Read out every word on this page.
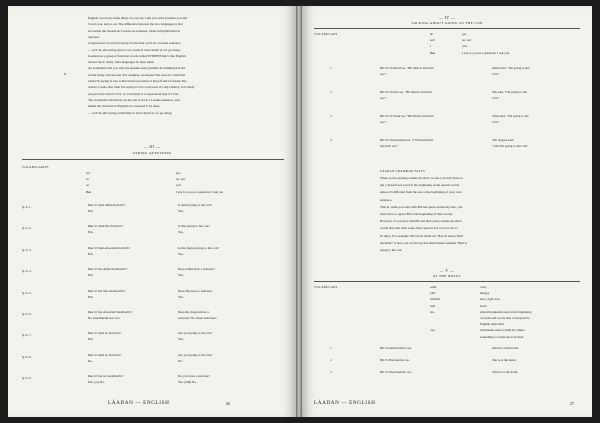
English can do the same thing; we can say I ask you and I promise you and
I warn you, and so on. The difference between the two languages is that
in Láadan the Speech Act words are required, while in English they're
optional.
A Speech Act word will always be the first word in a Láadan sentence.
— we'll be discussing speech act words in more detail as we go along.
Láadan has a group of function words called EVIDENTIALS that English
doesn't have; many other languages do have them.
An evidential tells you why the speaker feels justified in claiming that the
words being said are true. For example, we means The reason I claim that
what I'm saying is true is that I have perceived it myself and wi means The
reason I claim that what I'm saying is true is because it's self-evident; everybody
can perceive that it's true, or everybody is in agreement that it's true.
The evidential will always be the last word in a Láadan sentence, and,
unlike the structure in English, it's required to be there.
— we'll be discussing evidentials in more detail as we go along.
6.
— III —
ASKING QUESTIONS
VOCABULARIES
em	yes
ra	no; not
ne	you
Báa	I say to you as a question; I ask you
Q/A 1.	Báa ril thad Athid bucheéh?
Em.
Is Athid going to the con?
Yes.
Q/A 2.	Báa ril thad Sha bucheéh?
Em.
Is Sha going to the con?
Yes.
Q/A 3.	Báa ril thad dowamid bucheéh?
Em.
Is the dragon going to the con?
Yes.
Q/A 4.	Báa ril tha Athid imedimethi?
Em.
Does Athid have a suitcase?
Yes.
Q/A 5.	Báa ril tha Sha imedimethi?
Em.
Does Sha have a suitcase?
Yes.
Q/A 6.	Báa ril tha dowamid imedimethi?
Ra, imedimethi hoé wa!
Does the dragon have a
suitcase? No, three suitcases!
Q/A 7.	Báa ril thad ne bucheéh?
Em.
Are you going to the con?
Yes.
Q/A 8.	Báa ril thad ne bucheéh?
Ra.
Are you going to the con?
No.
Q/A 9.	Báa ril tha ne imedimethi?
Em. (or) Ra.
Do you have a suitcase?
Yes. (OR) No.
LÁADAN — ENGLISH	26
— IV —
TALKING ABOUT GOING TO THE CON
VOCABULARY	di	yes
ard	no; not
l	you
Báa	I say to you as a question; I ask you
1.	Bíi eril di Athid wa, "Bíi thad le bucheéh
wa!"
Athid said, "I'm going to the
con!"
2.	Bíi eril di Sha wa, "Bíi thad le bucheéh
wa!"
Sha said, "I'm going to the
con!"
3.	Bíi eril di Thad wa, "Bíi thad le bucheéh
wa!"
Thad said, "I'm going to the
con!"
4.	Bíi eril di dowamid wa, "I thl thad lebéa
bucheéh wa!"
The dragon said,
"And I'm going to the con!"
LÁADAN GRAMMAR FACTS
When you're quoting somebody else's words, you don't have to
put a Speech Act word at the beginning of the quoted words
unless it's different from the one at the beginning of your own
sentence.
That is, when you start with Bíi and quote somebody else, you
don't have to repeat Bíi at the beginning of their words.
However, if you start with Bíi and then quote somebody else's
words that start with some other Speech Act word, it has to
be there. For example: Bíi eril di Athid wa, 'Báa ril shaad Thad
bucheéh?' is how you would say that Athid asked whether Thad is
going to the con.
— V —
AT THE HOTEL
VOCABULARY	wida	carry
yide	hungry
bithaho	new; right now
loth	hotel
me-	plural morpheme used at the beginning
of verbs and words that correspond to
English adjectives
-ha-	morpheme used to indicate where
something or someone is located
1.	Bíi ril Athid bahoho wa.	Athid is at the hotel.
2.	Bíi ril Sha bahoho wa.	Sha is at the hotel.
3.	Bíi ril Thad bahoho wa.	Thad is at the hotel.
LÁADAN — ENGLISH	27
